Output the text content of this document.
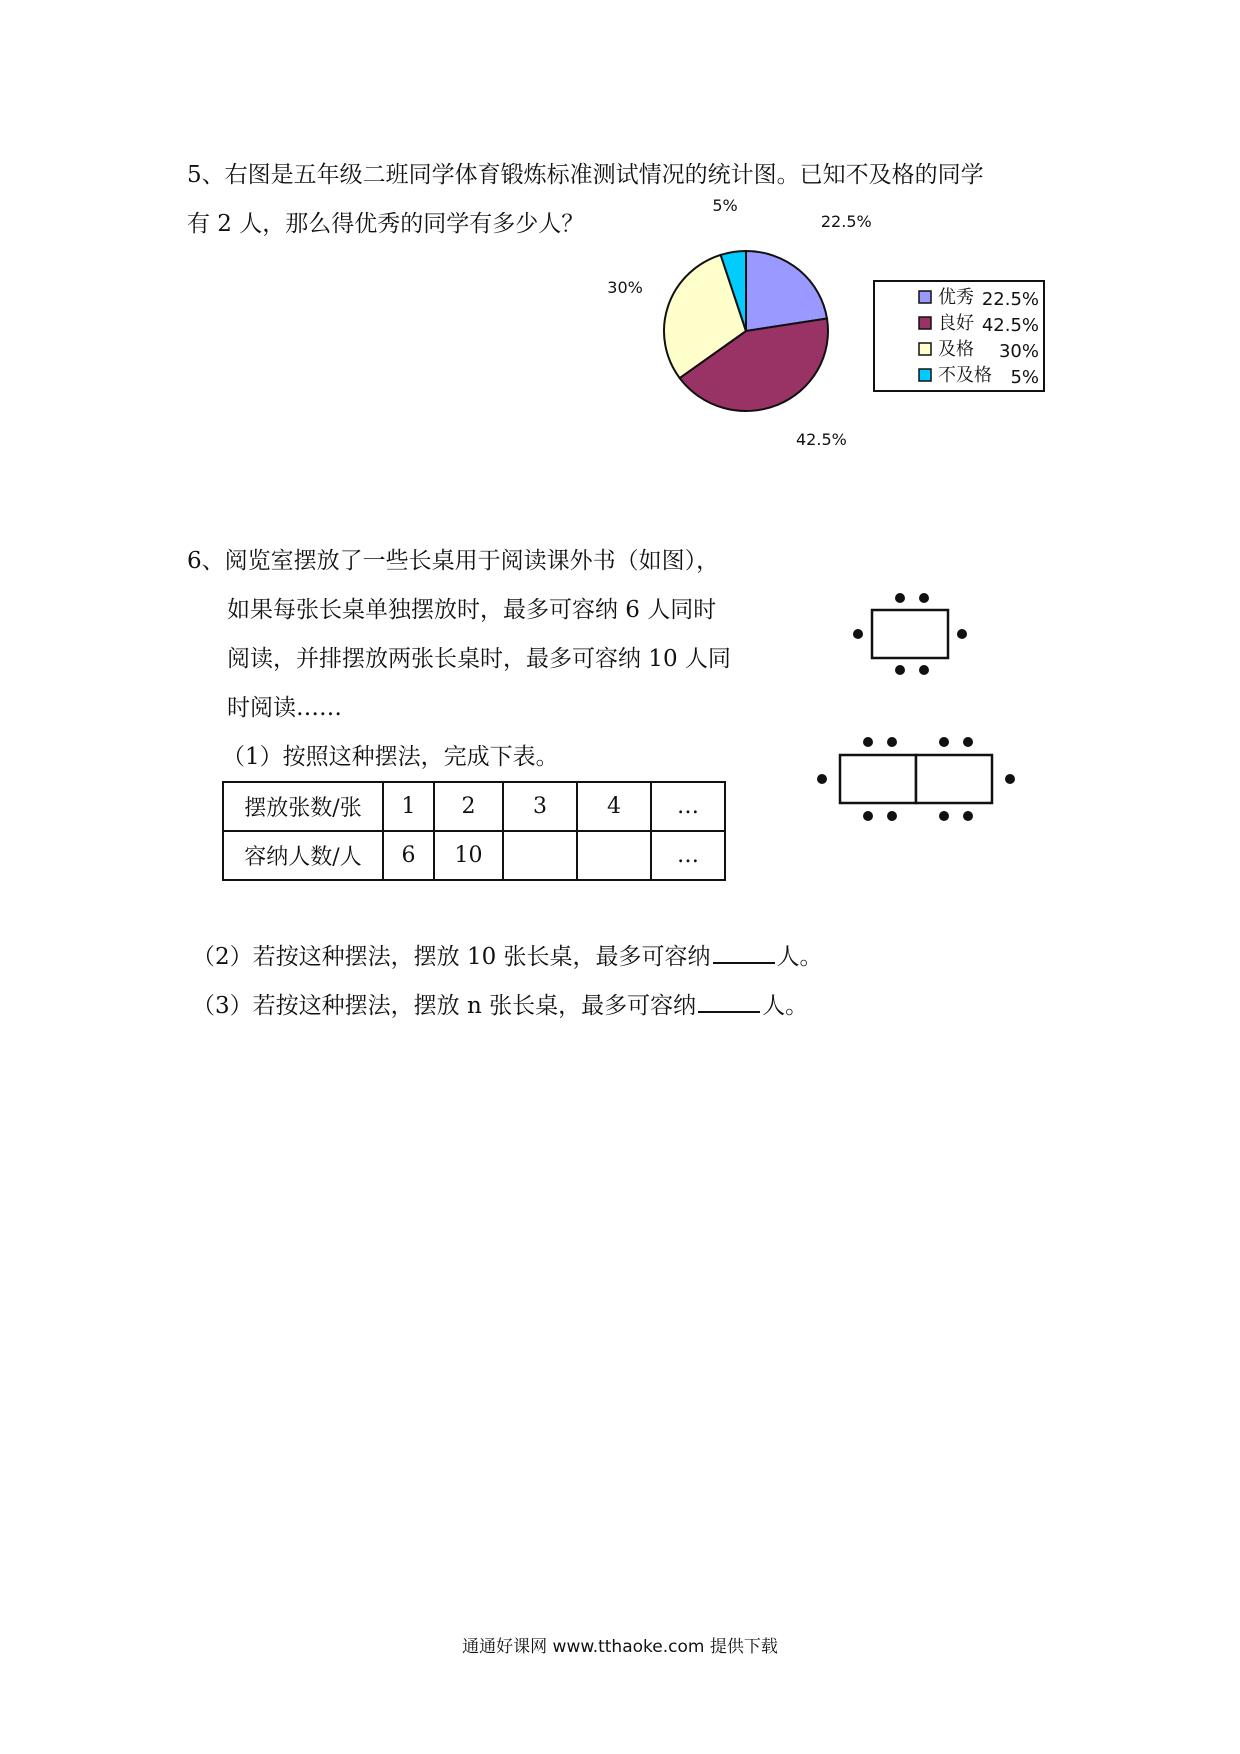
5、右图是五年级二班同学体育锻炼标准测试情况的统计图。已知不及格的同学
有 2 人，那么得优秀的同学有多少人？	22.5%
42.5%
30%
5%
优秀 22.5%
良好 42.5%
及格 30%
不及格 5%
6、阅览室摆放了一些长桌用于阅读课外书（如图），
如果每张长桌单独摆放时，最多可容纳 6 人同时
阅读，并排摆放两张长桌时，最多可容纳 10 人同
时阅读……
（1）按照这种摆法，完成下表。
摆放张数/张	1	2	3	4	…
容纳人数/人	6	10			…
（2）若按这种摆法，摆放 10 张长桌，最多可容纳	人。
（3）若按这种摆法，摆放 n 张长桌，最多可容纳	人。
通通好课网 www.tthaoke.com 提供下载
